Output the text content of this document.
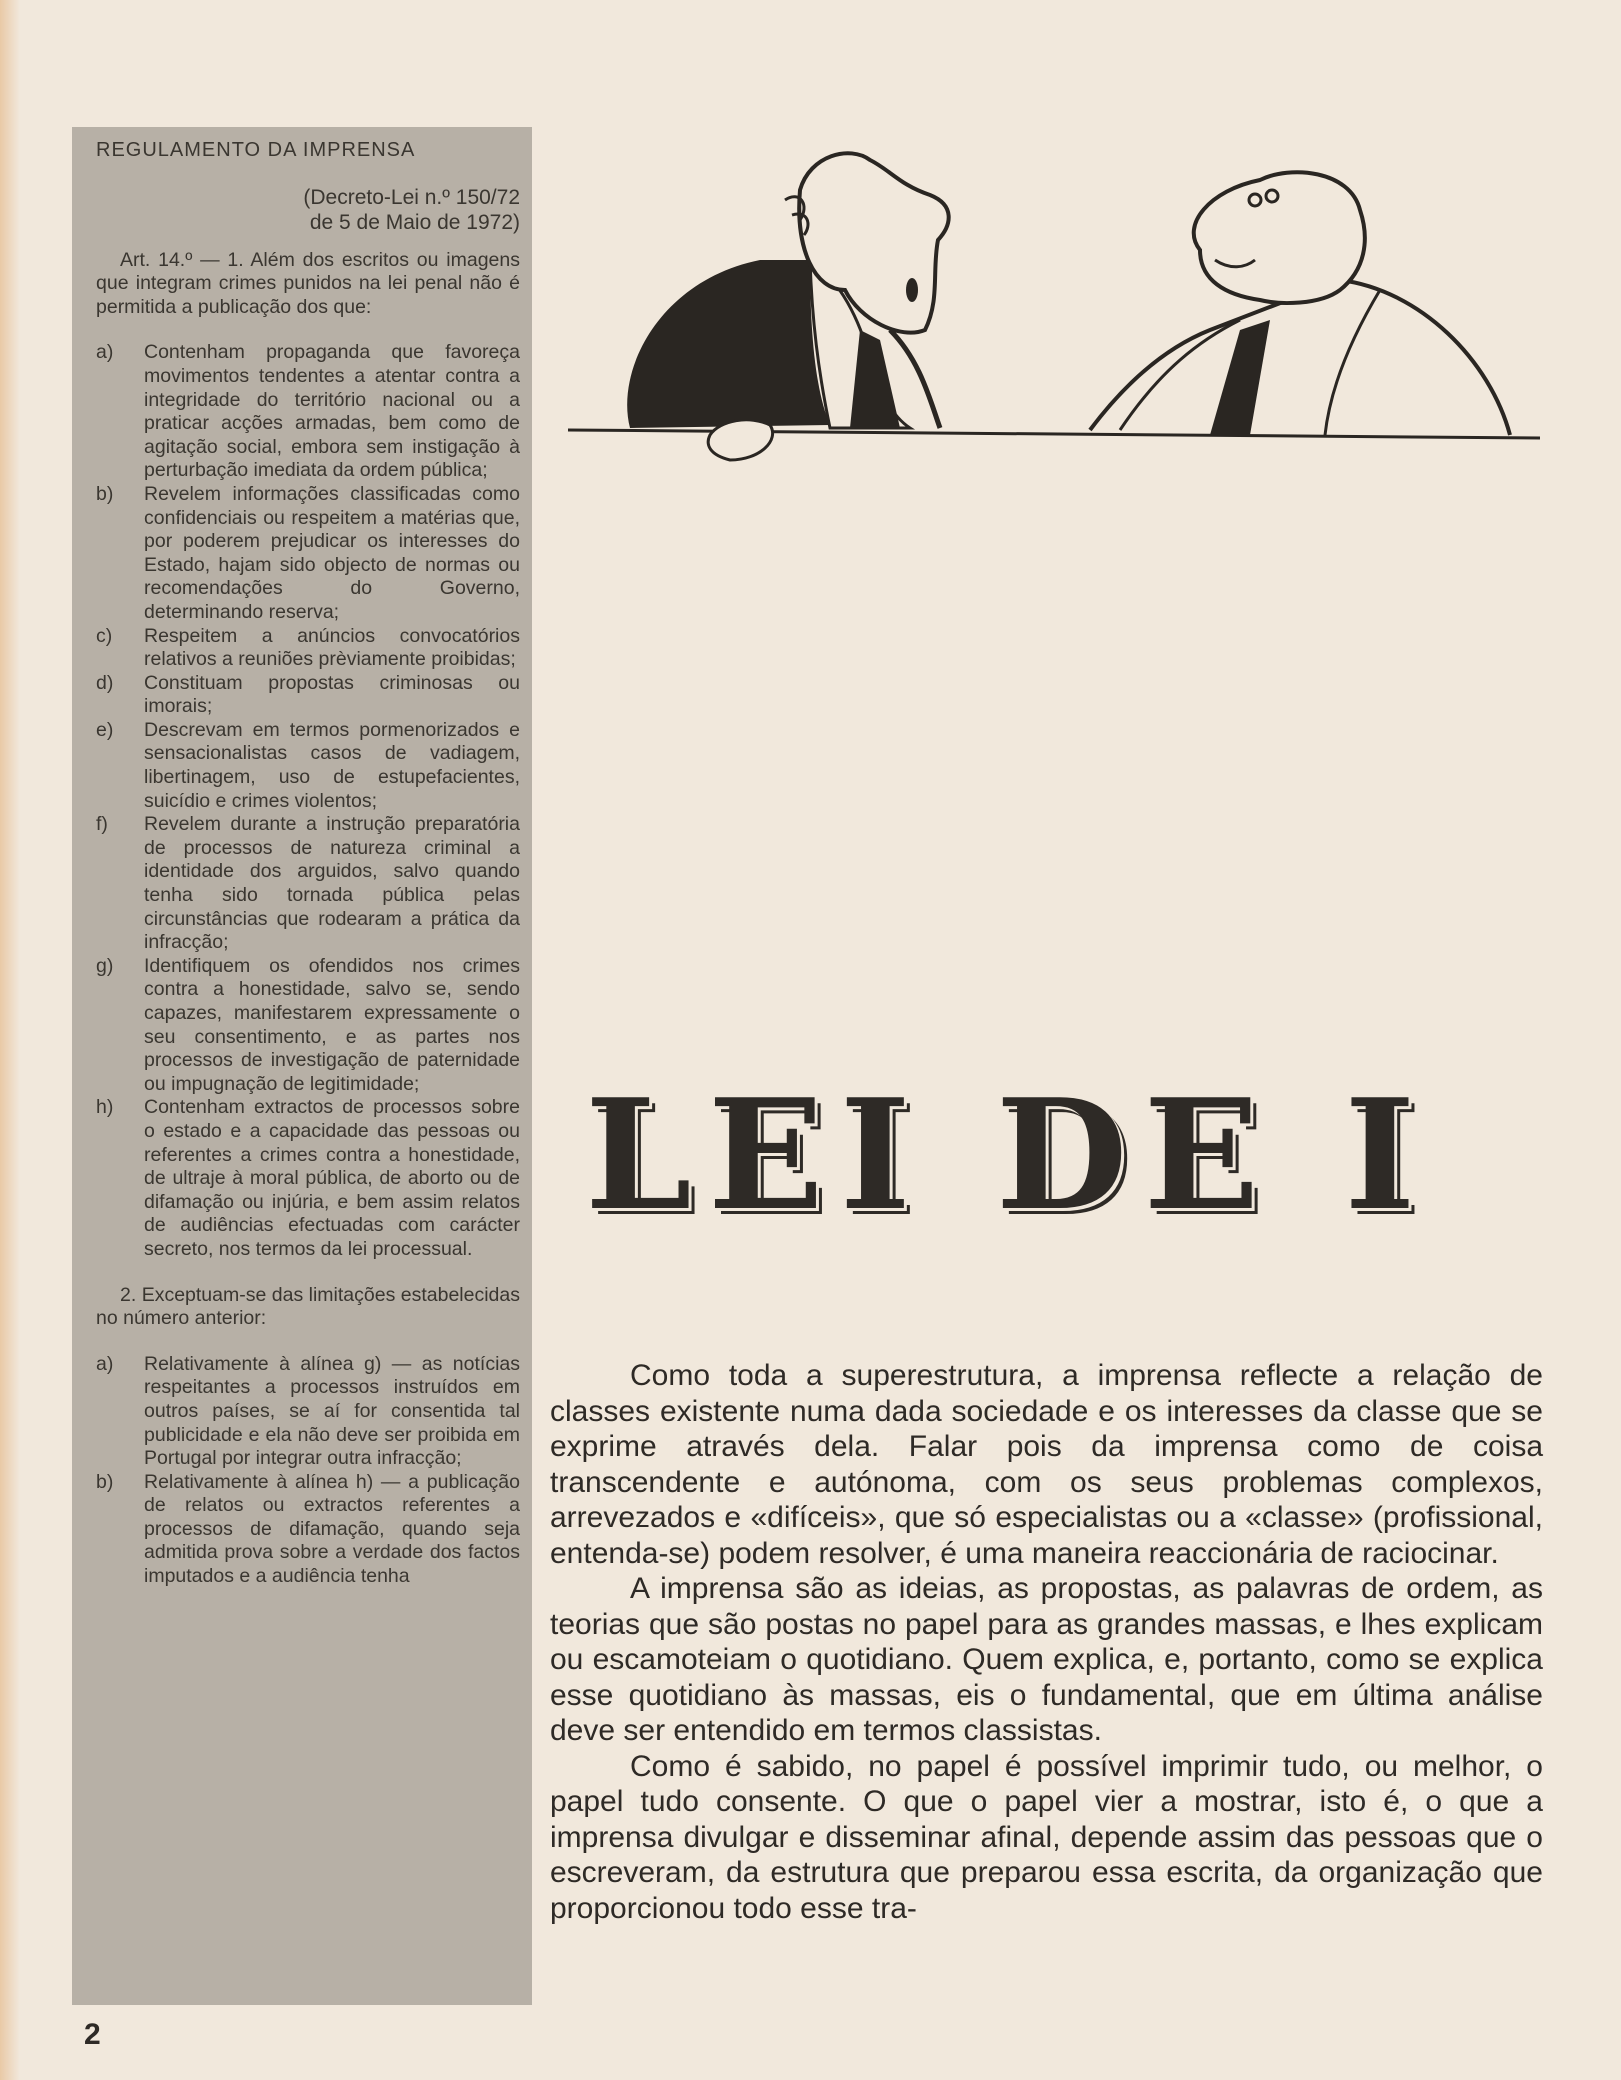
REGULAMENTO DA IMPRENSA
(Decreto-Lei n.º 150/72
de 5 de Maio de 1972)

Art. 14.º — 1. Além dos escritos ou imagens que integram crimes punidos na lei penal não é permitida a publicação dos que:

a)	Contenham propaganda que favoreça movimentos tendentes a atentar contra a integridade do território nacional ou a praticar acções armadas, bem como de agitação social, embora sem instigação à perturbação imediata da ordem pública;
b)	Revelem informações classificadas como confidenciais ou respeitem a matérias que, por poderem prejudicar os interesses do Estado, hajam sido objecto de normas ou recomendações do Governo, determinando reserva;
c)	Respeitem a anúncios convocatórios relativos a reuniões prèviamente proibidas;
d)	Constituam propostas criminosas ou imorais;
e)	Descrevam em termos pormenorizados e sensacionalistas casos de vadiagem, libertinagem, uso de estupefacientes, suicídio e crimes violentos;
f)	Revelem durante a instrução preparatória de processos de natureza criminal a identidade dos arguidos, salvo quando tenha sido tornada pública pelas circunstâncias que rodearam a prática da infracção;
g)	Identifiquem os ofendidos nos crimes contra a honestidade, salvo se, sendo capazes, manifestarem expressamente o seu consentimento, e as partes nos processos de investigação de paternidade ou impugnação de legitimidade;
h)	Contenham extractos de processos sobre o estado e a capacidade das pessoas ou referentes a crimes contra a honestidade, de ultraje à moral pública, de aborto ou de difamação ou injúria, e bem assim relatos de audiências efectuadas com carácter secreto, nos termos da lei processual.

2. Exceptuam-se das limitações estabelecidas no número anterior:

a)	Relativamente à alínea g) — as notícias respeitantes a processos instruídos em outros países, se aí for consentida tal publicidade e ela não deve ser proibida em Portugal por integrar outra infracção;
b)	Relativamente à alínea h) — a publicação de relatos ou extractos referentes a processos de difamação, quando seja admitida prova sobre a verdade dos factos imputados e a audiência tenha
LEI DE I

Como toda a superestrutura, a imprensa reflecte a relação de classes existente numa dada sociedade e os interesses da classe que se exprime através dela. Falar pois da imprensa como de coisa transcendente e autónoma, com os seus problemas complexos, arrevezados e «difíceis», que só especialistas ou a «classe» (profissional, entenda-se) podem resolver, é uma maneira reaccionária de raciocinar.

A imprensa são as ideias, as propostas, as palavras de ordem, as teorias que são postas no papel para as grandes massas, e lhes explicam ou escamoteiam o quotidiano. Quem explica, e, portanto, como se explica esse quotidiano às massas, eis o fundamental, que em última análise deve ser entendido em termos classistas.

Como é sabido, no papel é possível imprimir tudo, ou melhor, o papel tudo consente. O que o papel vier a mostrar, isto é, o que a imprensa divulgar e disseminar afinal, depende assim das pessoas que o escreveram, da estrutura que preparou essa escrita, da organização que proporcionou todo esse tra-

2
